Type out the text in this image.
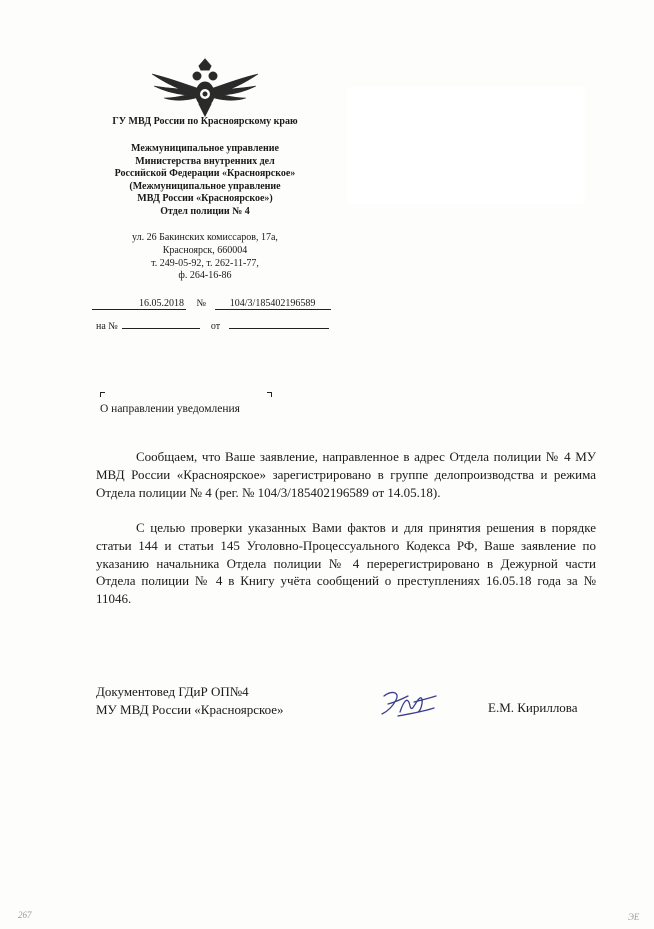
ГУ МВД России по Красноярскому краю
Межмуниципальное управление
Министерства внутренних дел
Российской Федерации «Красноярское»
(Межмуниципальное управление
МВД России «Красноярское»)
Отдел полиции № 4
ул. 26 Бакинских комиссаров, 17а,
Красноярск, 660004
т. 249-05-92, т. 262-11-77,
ф. 264-16-86
16.05.2018 № 104/3/185402196589
на №	от
О направлении уведомления

Сообщаем, что Ваше заявление, направленное в адрес Отдела полиции № 4 МУ МВД России «Красноярское» зарегистрировано в группе делопроизводства и режима Отдела полиции № 4 (рег. № 104/3/185402196589 от 14.05.18).

С целью проверки указанных Вами фактов и для принятия решения в порядке статьи 144 и статьи 145 Уголовно-Процессуального Кодекса РФ, Ваше заявление по указанию начальника Отдела полиции № 4 перерегистрировано в Дежурной части Отдела полиции № 4 в Книгу учёта сообщений о преступлениях 16.05.18 года за № 11046.

Документовед ГДиР ОП№4
МУ МВД России «Красноярское»	Е.М. Кириллова
267	ЭЕ
